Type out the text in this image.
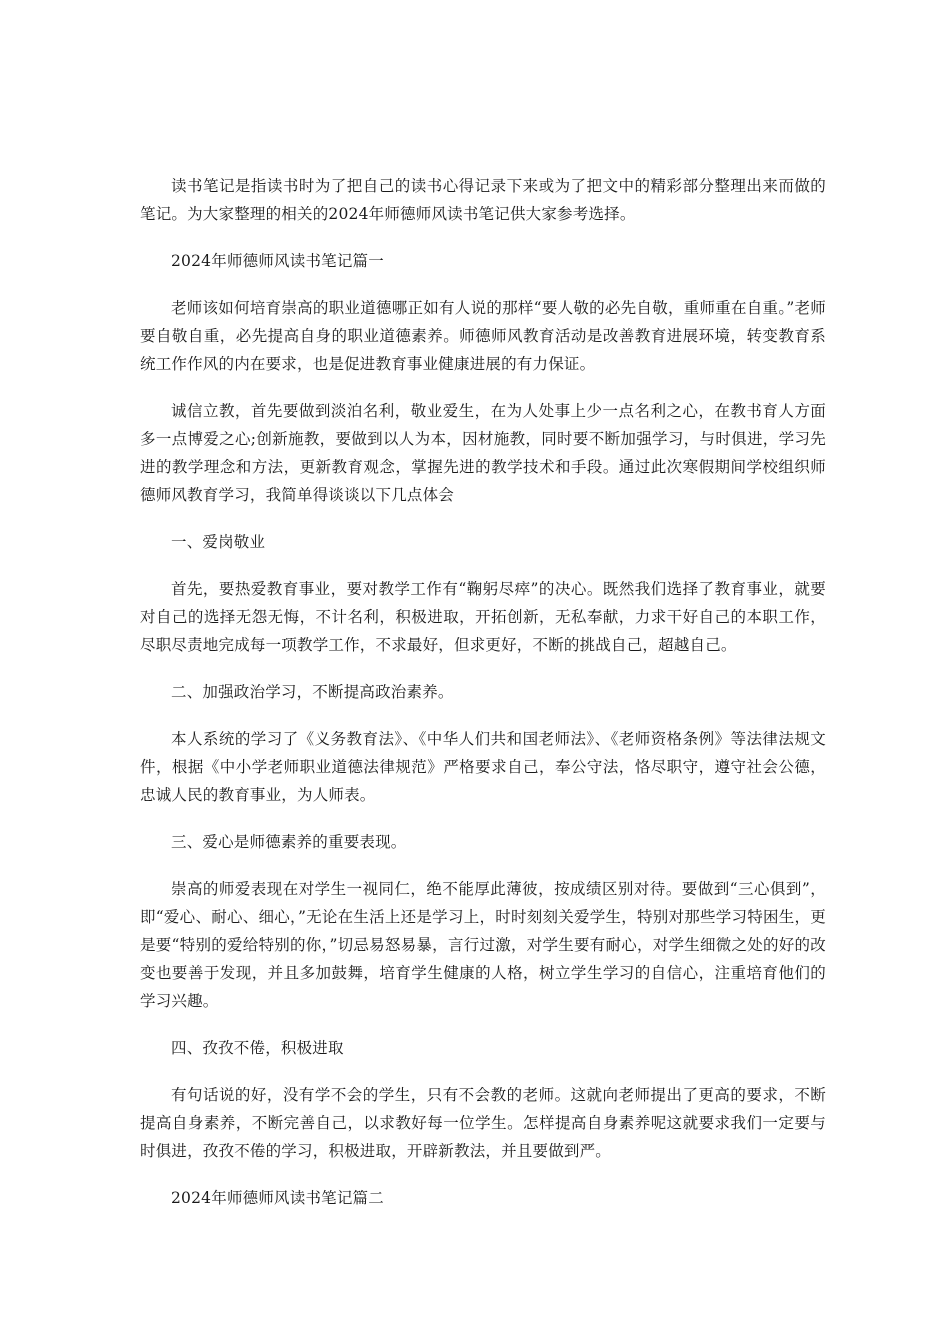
读书笔记是指读书时为了把自己的读书心得记录下来或为了把文中的精彩部分整理出来而做的笔记。为大家整理的相关的2024年师德师风读书笔记供大家参考选择。

2024年师德师风读书笔记篇一

老师该如何培育崇高的职业道德哪正如有人说的那样“要人敬的必先自敬，重师重在自重。”老师要自敬自重，必先提高自身的职业道德素养。师德师风教育活动是改善教育进展环境，转变教育系统工作作风的内在要求，也是促进教育事业健康进展的有力保证。

诚信立教，首先要做到淡泊名利，敬业爱生，在为人处事上少一点名利之心，在教书育人方面多一点博爱之心;创新施教，要做到以人为本，因材施教，同时要不断加强学习，与时俱进，学习先进的教学理念和方法，更新教育观念，掌握先进的教学技术和手段。通过此次寒假期间学校组织师德师风教育学习，我简单得谈谈以下几点体会

一、爱岗敬业

首先，要热爱教育事业，要对教学工作有“鞠躬尽瘁”的决心。既然我们选择了教育事业，就要对自己的选择无怨无悔，不计名利，积极进取，开拓创新，无私奉献，力求干好自己的本职工作，尽职尽责地完成每一项教学工作，不求最好，但求更好，不断的挑战自己，超越自己。

二、加强政治学习，不断提高政治素养。

本人系统的学习了《义务教育法》、《中华人们共和国老师法》、《老师资格条例》等法律法规文件，根据《中小学老师职业道德法律规范》严格要求自己，奉公守法，恪尽职守，遵守社会公德，忠诚人民的教育事业，为人师表。

三、爱心是师德素养的重要表现。

崇高的师爱表现在对学生一视同仁，绝不能厚此薄彼，按成绩区别对待。要做到“三心俱到”，即“爱心、耐心、细心，”无论在生活上还是学习上，时时刻刻关爱学生，特别对那些学习特困生，更是要“特别的爱给特别的你，”切忌易怒易暴，言行过激，对学生要有耐心，对学生细微之处的好的改变也要善于发现，并且多加鼓舞，培育学生健康的人格，树立学生学习的自信心，注重培育他们的学习兴趣。

四、孜孜不倦，积极进取

有句话说的好，没有学不会的学生，只有不会教的老师。这就向老师提出了更高的要求，不断提高自身素养，不断完善自己，以求教好每一位学生。怎样提高自身素养呢这就要求我们一定要与时俱进，孜孜不倦的学习，积极进取，开辟新教法，并且要做到严。

2024年师德师风读书笔记篇二
